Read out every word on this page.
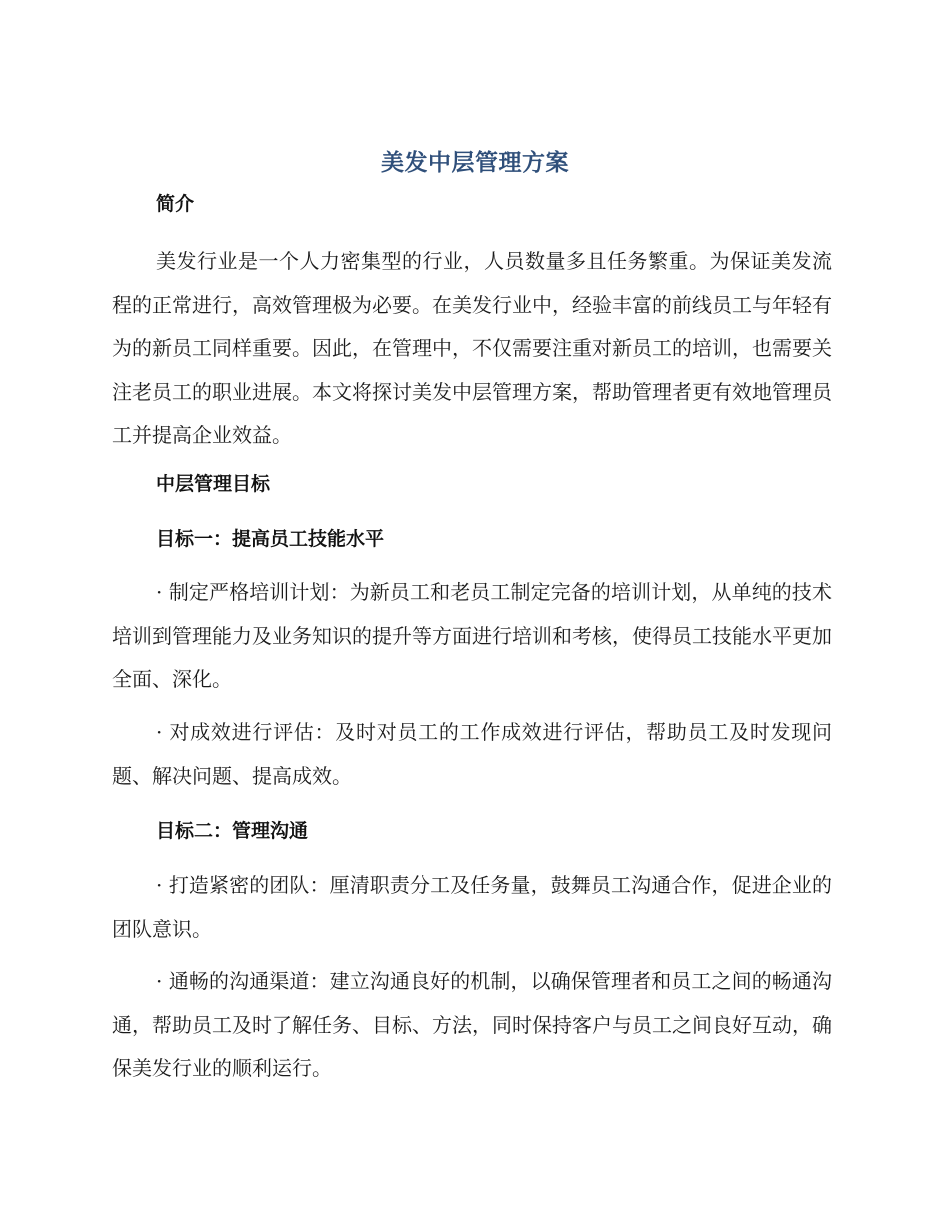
美发中层管理方案
简介

美发行业是一个人力密集型的行业，人员数量多且任务繁重。为保证美发流程的正常进行，高效管理极为必要。在美发行业中，经验丰富的前线员工与年轻有为的新员工同样重要。因此，在管理中，不仅需要注重对新员工的培训，也需要关注老员工的职业进展。本文将探讨美发中层管理方案，帮助管理者更有效地管理员工并提高企业效益。

中层管理目标
目标一：提高员工技能水平

· 制定严格培训计划：为新员工和老员工制定完备的培训计划，从单纯的技术培训到管理能力及业务知识的提升等方面进行培训和考核，使得员工技能水平更加全面、深化。

· 对成效进行评估：及时对员工的工作成效进行评估，帮助员工及时发现问题、解决问题、提高成效。

目标二：管理沟通

· 打造紧密的团队：厘清职责分工及任务量，鼓舞员工沟通合作，促进企业的团队意识。

· 通畅的沟通渠道：建立沟通良好的机制，以确保管理者和员工之间的畅通沟通，帮助员工及时了解任务、目标、方法，同时保持客户与员工之间良好互动，确保美发行业的顺利运行。
